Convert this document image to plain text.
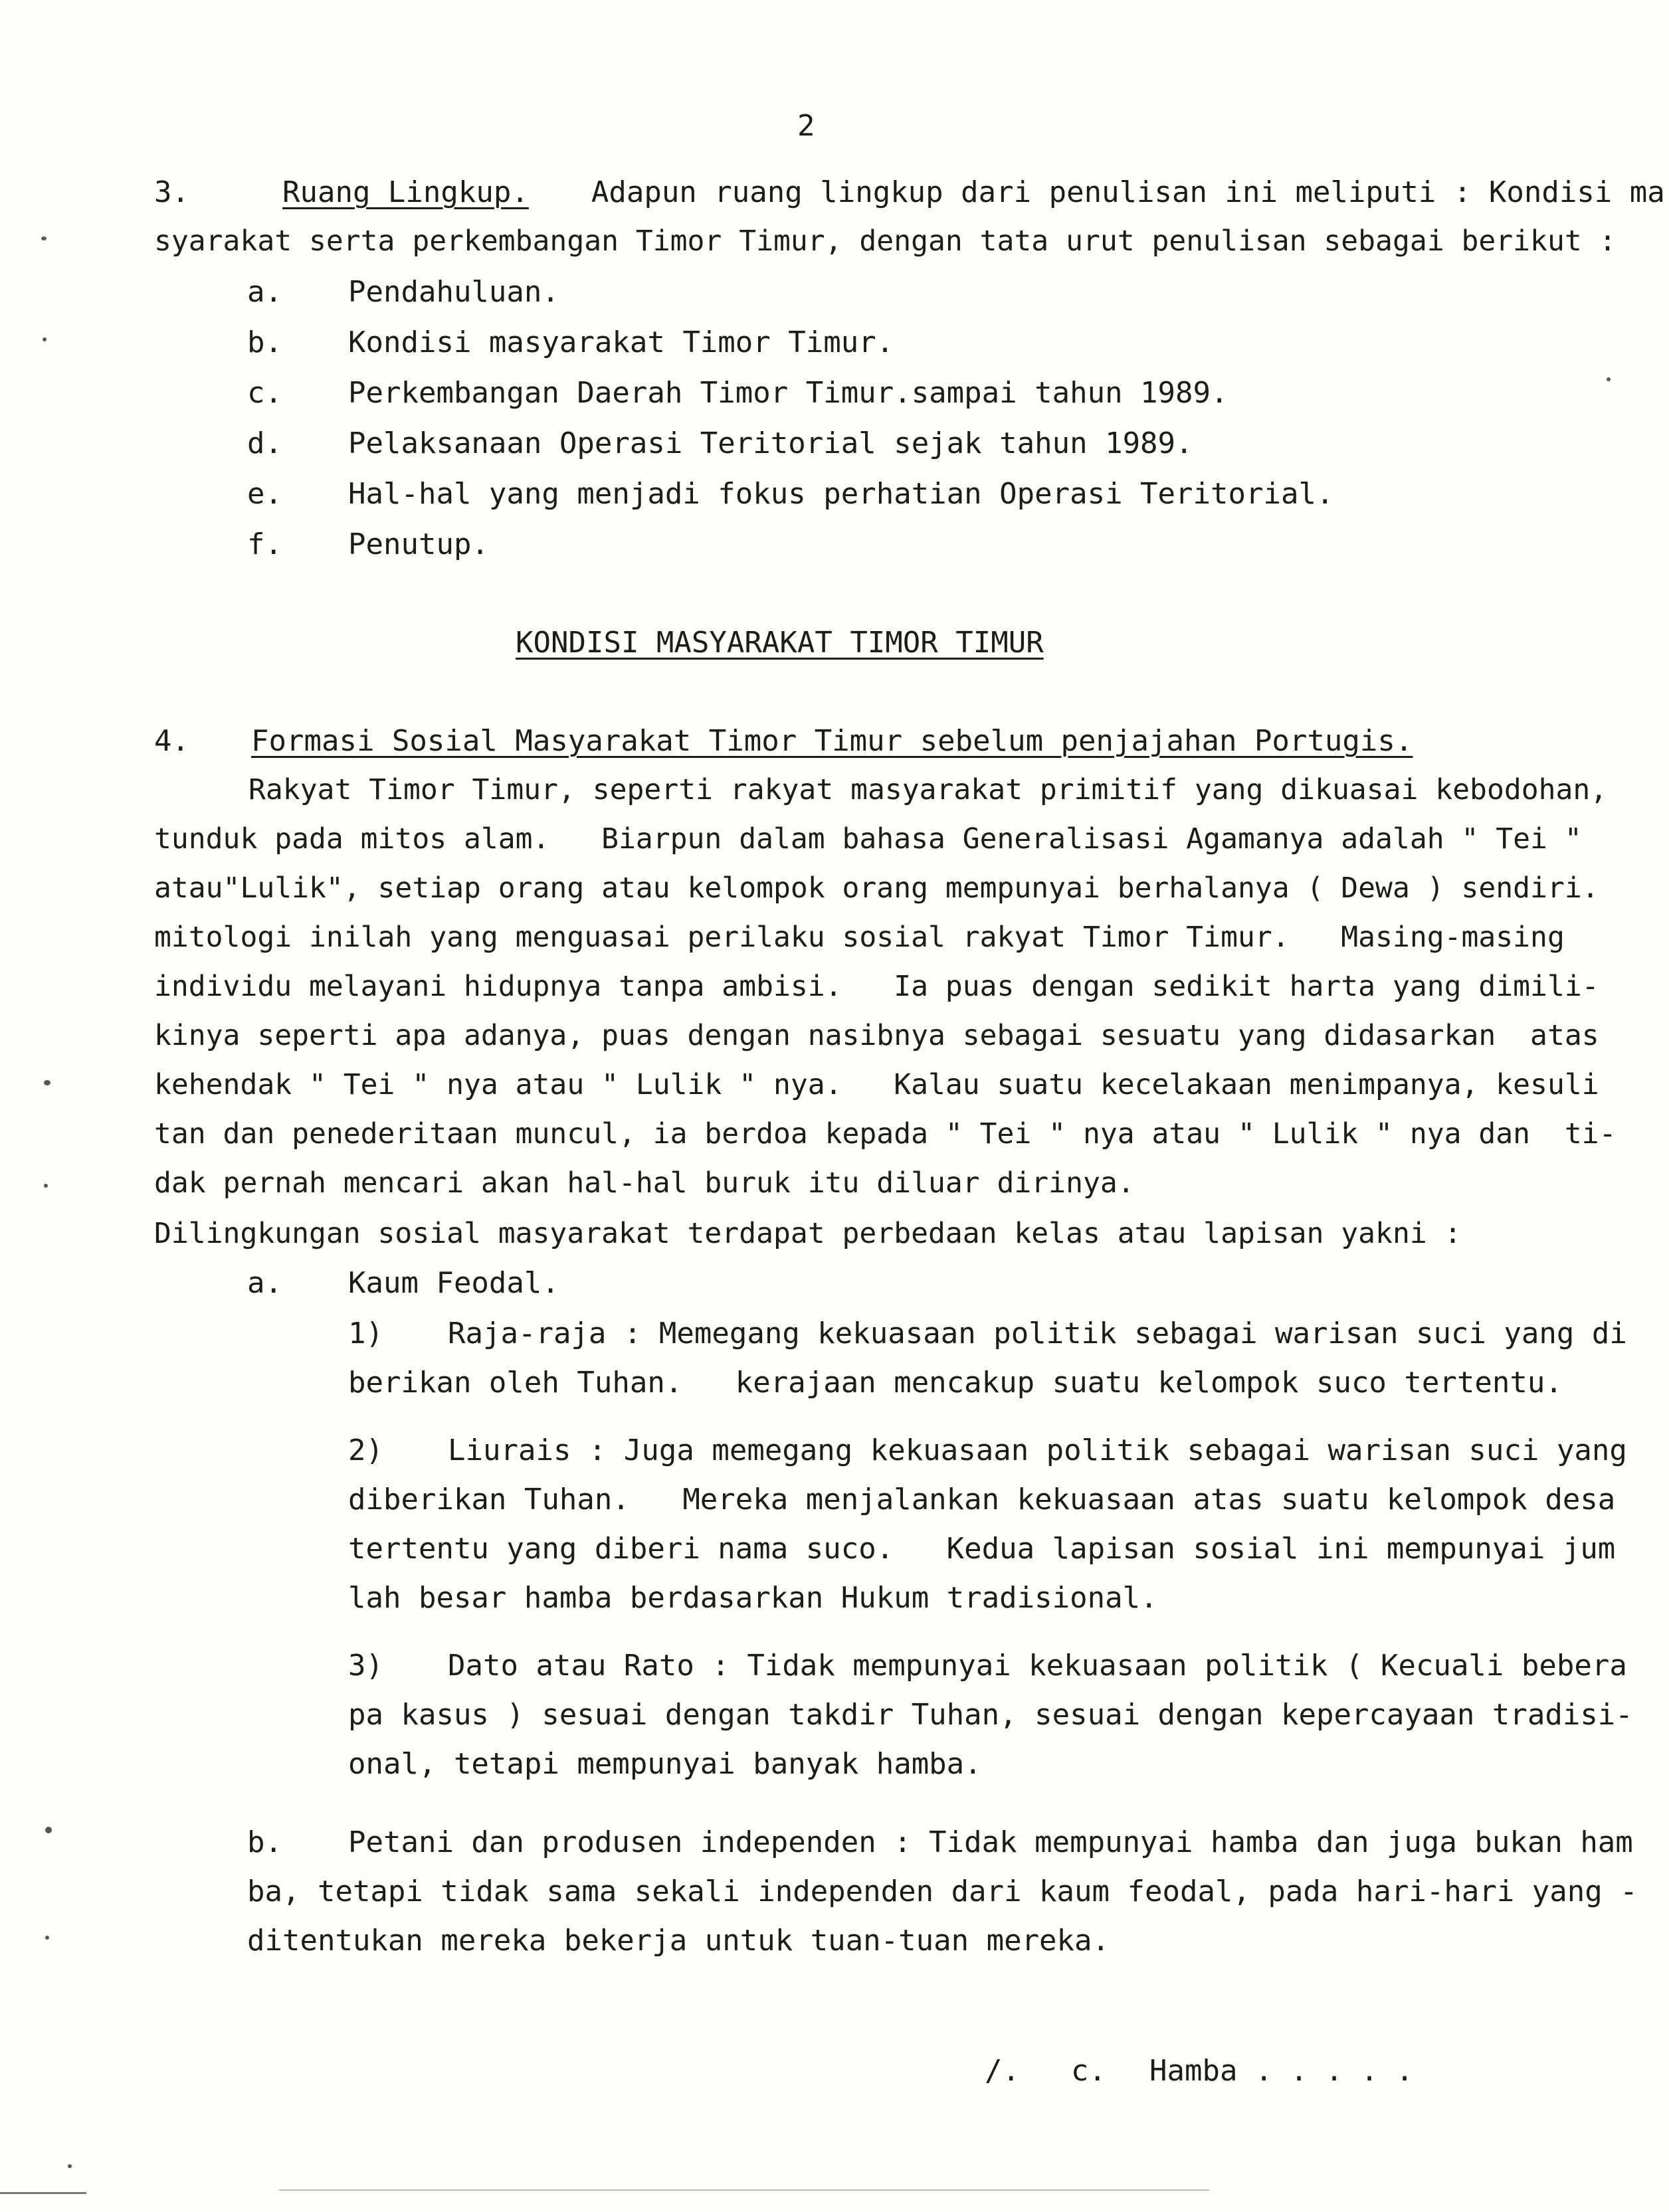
2
3.	Ruang Lingkup. Adapun ruang lingkup dari penulisan ini meliputi : Kondisi ma
syarakat serta perkembangan Timor Timur, dengan tata urut penulisan sebagai berikut :
a. Pendahuluan.
b. Kondisi masyarakat Timor Timur.
c. Perkembangan Daerah Timor Timur.sampai tahun 1989.
d. Pelaksanaan Operasi Teritorial sejak tahun 1989.
e. Hal-hal yang menjadi fokus perhatian Operasi Teritorial.
f. Penutup.
KONDISI MASYARAKAT TIMOR TIMUR
4. Formasi Sosial Masyarakat Timor Timur sebelum penjajahan Portugis.
Rakyat Timor Timur, seperti rakyat masyarakat primitif yang dikuasai kebodohan,
tunduk pada mitos alam.   Biarpun dalam bahasa Generalisasi Agamanya adalah " Tei "
atau"Lulik", setiap orang atau kelompok orang mempunyai berhalanya ( Dewa ) sendiri.
mitologi inilah yang menguasai perilaku sosial rakyat Timor Timur.   Masing-masing
individu melayani hidupnya tanpa ambisi.   Ia puas dengan sedikit harta yang dimili-
kinya seperti apa adanya, puas dengan nasibnya sebagai sesuatu yang didasarkan  atas
kehendak " Tei " nya atau " Lulik " nya.   Kalau suatu kecelakaan menimpanya, kesuli
tan dan penederitaan muncul, ia berdoa kepada " Tei " nya atau " Lulik " nya dan  ti-
dak pernah mencari akan hal-hal buruk itu diluar dirinya.
Dilingkungan sosial masyarakat terdapat perbedaan kelas atau lapisan yakni :
a. Kaum Feodal.
1) Raja-raja : Memegang kekuasaan politik sebagai warisan suci yang di
berikan oleh Tuhan.   kerajaan mencakup suatu kelompok suco tertentu.
2) Liurais : Juga memegang kekuasaan politik sebagai warisan suci yang
diberikan Tuhan.   Mereka menjalankan kekuasaan atas suatu kelompok desa
tertentu yang diberi nama suco.   Kedua lapisan sosial ini mempunyai jum
lah besar hamba berdasarkan Hukum tradisional.
3) Dato atau Rato : Tidak mempunyai kekuasaan politik ( Kecuali bebera
pa kasus ) sesuai dengan takdir Tuhan, sesuai dengan kepercayaan tradisi-
onal, tetapi mempunyai banyak hamba.
b. Petani dan produsen independen : Tidak mempunyai hamba dan juga bukan ham
ba, tetapi tidak sama sekali independen dari kaum feodal, pada hari-hari yang -
ditentukan mereka bekerja untuk tuan-tuan mereka.
/. c. Hamba . . . . .
